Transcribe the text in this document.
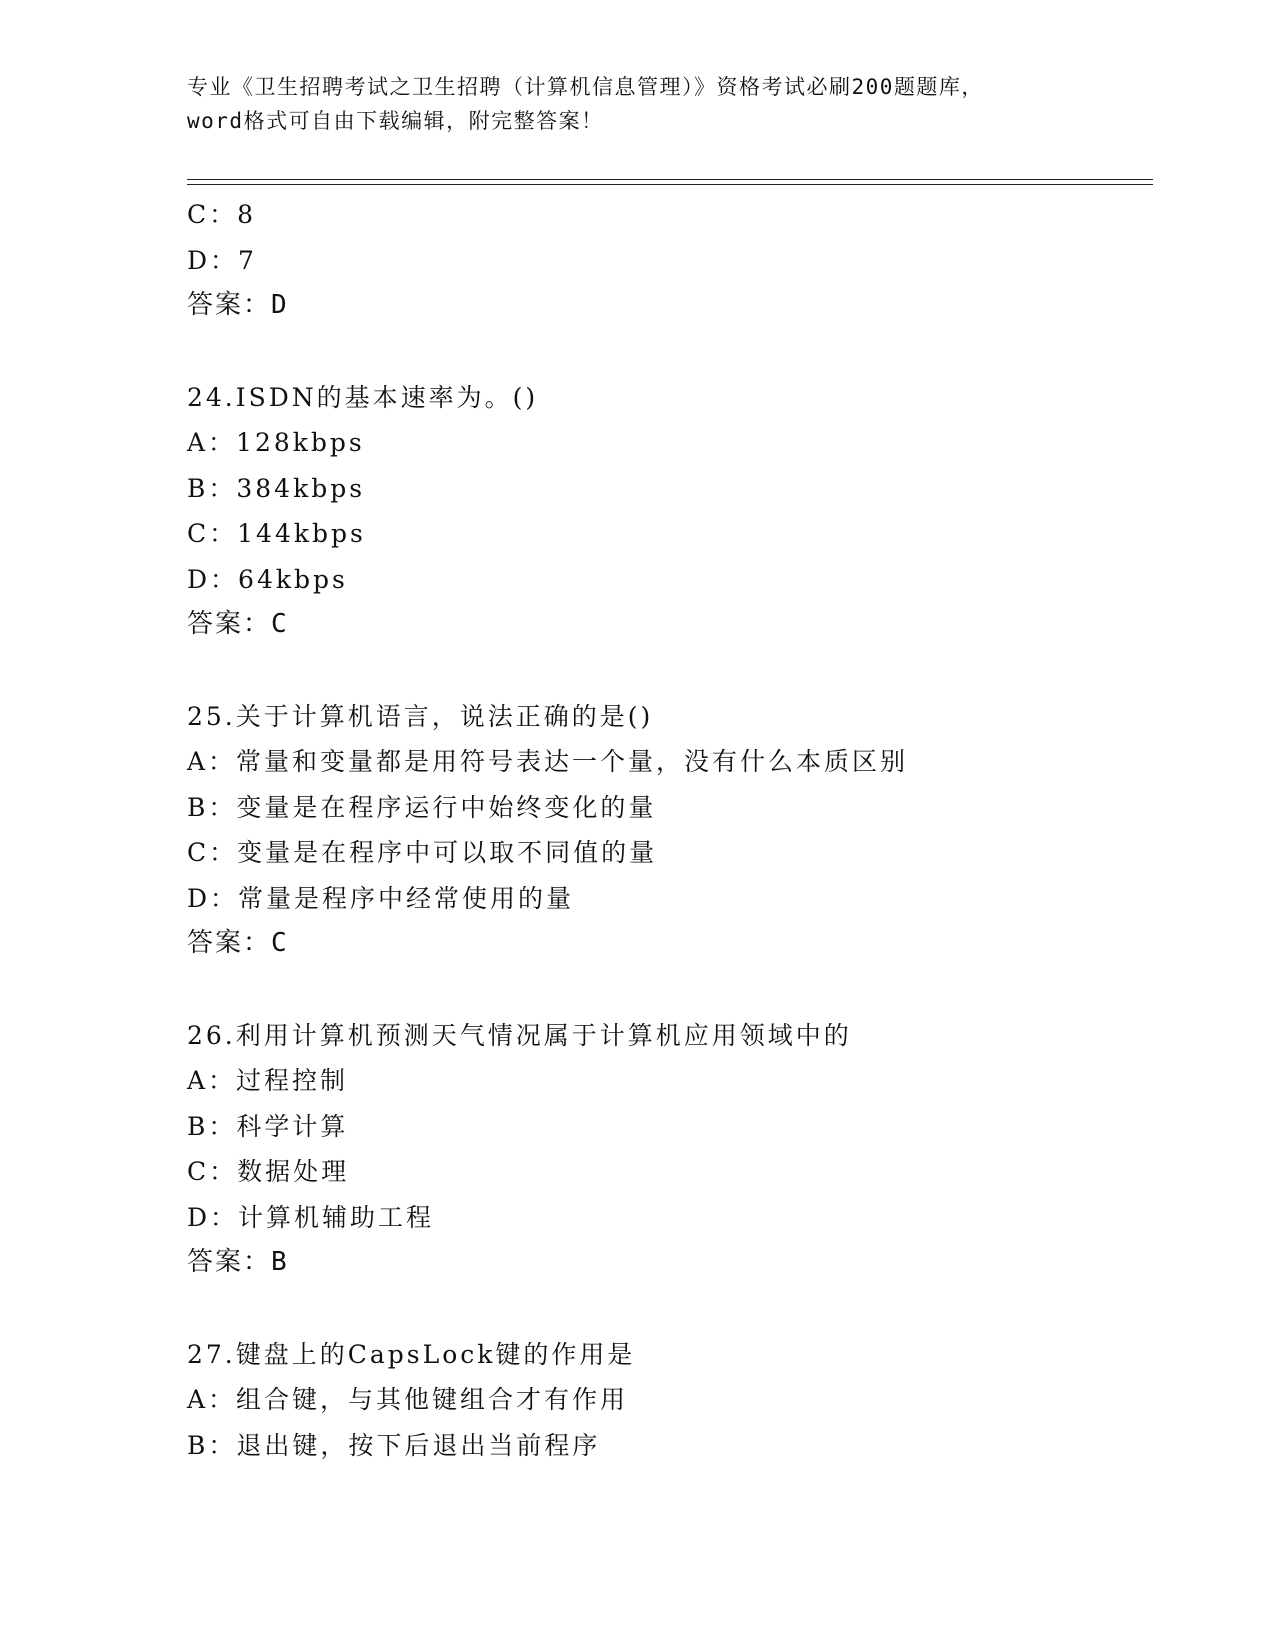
专业《卫生招聘考试之卫生招聘（计算机信息管理）》资格考试必刷200题题库，
word格式可自由下载编辑，附完整答案！
C：8
D：7
答案：D
24.ISDN的基本速率为。()
A：128kbps
B：384kbps
C：144kbps
D：64kbps
答案：C
25.关于计算机语言，说法正确的是()
A：常量和变量都是用符号表达一个量，没有什么本质区别
B：变量是在程序运行中始终变化的量
C：变量是在程序中可以取不同值的量
D：常量是程序中经常使用的量
答案：C
26.利用计算机预测天气情况属于计算机应用领域中的
A：过程控制
B：科学计算
C：数据处理
D：计算机辅助工程
答案：B
27.键盘上的CapsLock键的作用是
A：组合键，与其他键组合才有作用
B：退出键，按下后退出当前程序
